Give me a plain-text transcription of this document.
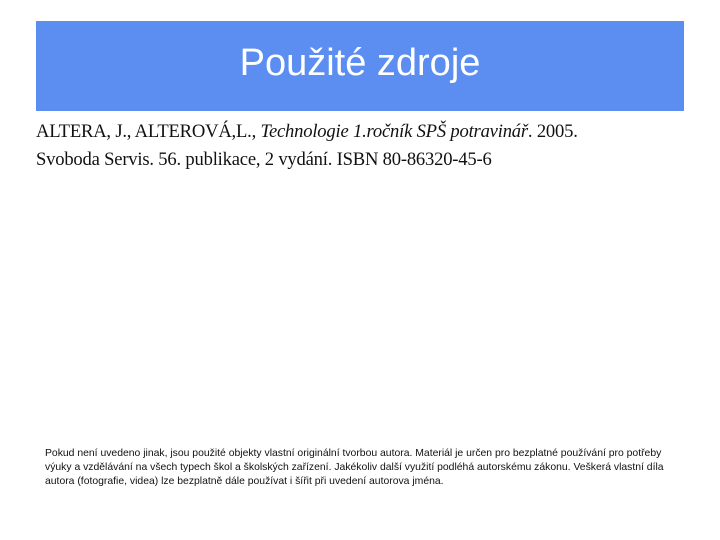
Použité zdroje
ALTERA, J., ALTEROVÁ,L., Technologie 1.ročník SPŠ potravinář. 2005.
Svoboda Servis. 56. publikace, 2 vydání. ISBN 80-86320-45-6
Pokud není uvedeno jinak, jsou použité objekty vlastní originální tvorbou autora. Materiál je určen pro bezplatné používání pro potřeby výuky a vzdělávání na všech typech škol a školských zařízení. Jakékoliv další využití podléhá autorskému zákonu. Veškerá vlastní díla autora (fotografie, videa) lze bezplatně dále používat i šířit při uvedení autorova jména.
